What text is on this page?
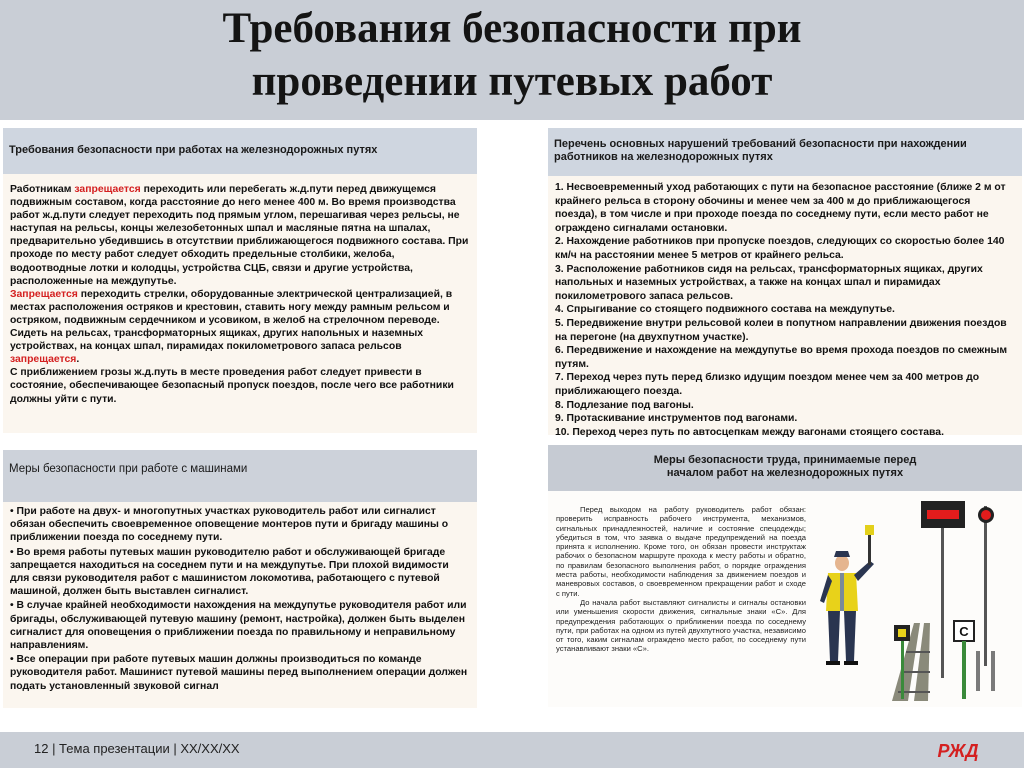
Требования безопасности при
проведении путевых работ
Требования безопасности при работах на железнодорожных путях

Работникам запрещается переходить или перебегать ж.д.пути перед движущемся подвижным составом, когда расстояние до него менее 400 м. Во время производства работ ж.д.пути следует переходить под прямым углом, перешагивая через рельсы, не наступая на рельсы, концы железобетонных шпал и масляные пятна на шпалах, предварительно убедившись в отсутствии приближающегося подвижного состава. При проходе по месту работ следует обходить предельные столбики, желоба, водоотводные лотки и колодцы, устройства СЦБ, связи и другие устройства, расположенные на междупутье.

Запрещается переходить стрелки, оборудованные электрической централизацией, в местах расположения остряков и крестовин, ставить ногу между рамным рельсом и остряком, подвижным сердечником и усовиком, в желоб на стрелочном переводе.

Сидеть на рельсах, трансформаторных ящиках, других напольных и наземных устройствах, на концах шпал, пирамидах покилометрового запаса рельсов запрещается.

С приближением грозы ж.д.путь в месте проведения работ следует привести в состояние, обеспечивающее безопасный пропуск поездов, после чего все работники должны уйти с пути.

Перечень основных нарушений требований безопасности при нахождении работников на железнодорожных путях
1. Несвоевременный уход работающих с пути на безопасное расстояние (ближе 2 м от крайнего рельса в сторону обочины и менее чем за 400 м до приближающегося поезда), в том числе и при проходе поезда по соседнему пути, если место работ не ограждено сигналами остановки.
2. Нахождение работников при пропуске поездов, следующих со скоростью более 140 км/ч на расстоянии менее 5 метров от крайнего рельса.
3. Расположение работников сидя на рельсах, трансформаторных ящиках, других напольных и наземных устройствах, а также на концах шпал и пирамидах покилометрового запаса рельсов.
4. Спрыгивание со стоящего подвижного состава на междупутье.
5. Передвижение внутри рельсовой колеи в попутном направлении движения поездов на перегоне (на двухпутном участке).
6. Передвижение и нахождение на междупутье во время прохода поездов по смежным путям.
7. Переход через путь перед близко идущим поездом менее чем за 400 метров до приближающего поезда.
8. Подлезание под вагоны.
9. Протаскивание инструментов под вагонами.
10. Переход через путь по автосцепкам между вагонами стоящего состава.
Меры безопасности при работе с машинами

• При работе на двух- и многопутных участках руководитель работ или сигналист обязан обеспечить своевременное оповещение монтеров пути и бригаду машины о приближении поезда по соседнему пути.

• Во время работы путевых машин руководителю работ и обслуживающей бригаде запрещается находиться на соседнем пути и на междупутье. При плохой видимости для связи руководителя работ с машинистом локомотива, работающего с путевой машиной, должен быть выставлен сигналист.

• В случае крайней необходимости нахождения на междупутье руководителя работ или бригады, обслуживающей путевую машину (ремонт, настройка), должен быть выделен сигналист для оповещения о приближении поезда по правильному и неправильному направлениям.

• Все операции при работе путевых машин должны производиться по команде руководителя работ. Машинист путевой машины перед выполнением операции должен подать установленный звуковой сигнал

Меры безопасности труда, принимаемые перед
началом работ на железнодорожных путях

Перед выходом на работу руководитель работ обязан: проверить исправность рабочего инструмента, механизмов, сигнальных принадлежностей, наличие и состояние спецодежды; убедиться в том, что заявка о выдаче предупреждений на поезда принята к исполнению. Кроме того, он обязан провести инструктаж рабочих о безопасном маршруте прохода к месту работы и обратно, по правилам безопасного выполнения работ, о порядке ограждения места работы, необходимости наблюдения за движением поездов и маневровых составов, о своевременном прекращении работ и сходе с пути.

До начала работ выставляют сигналисты и сигналы остановки или уменьшения скорости движения, сигнальные знаки «С». Для предупреждения работающих о приближении поезда по соседнему пути, при работах на одном из путей двухпутного участка, независимо от того, каким сигналам ограждено место работ, по соседнему пути устанавливают знаки «С».

С
12 | Тема презентации | XX/XX/XX	РЖД
